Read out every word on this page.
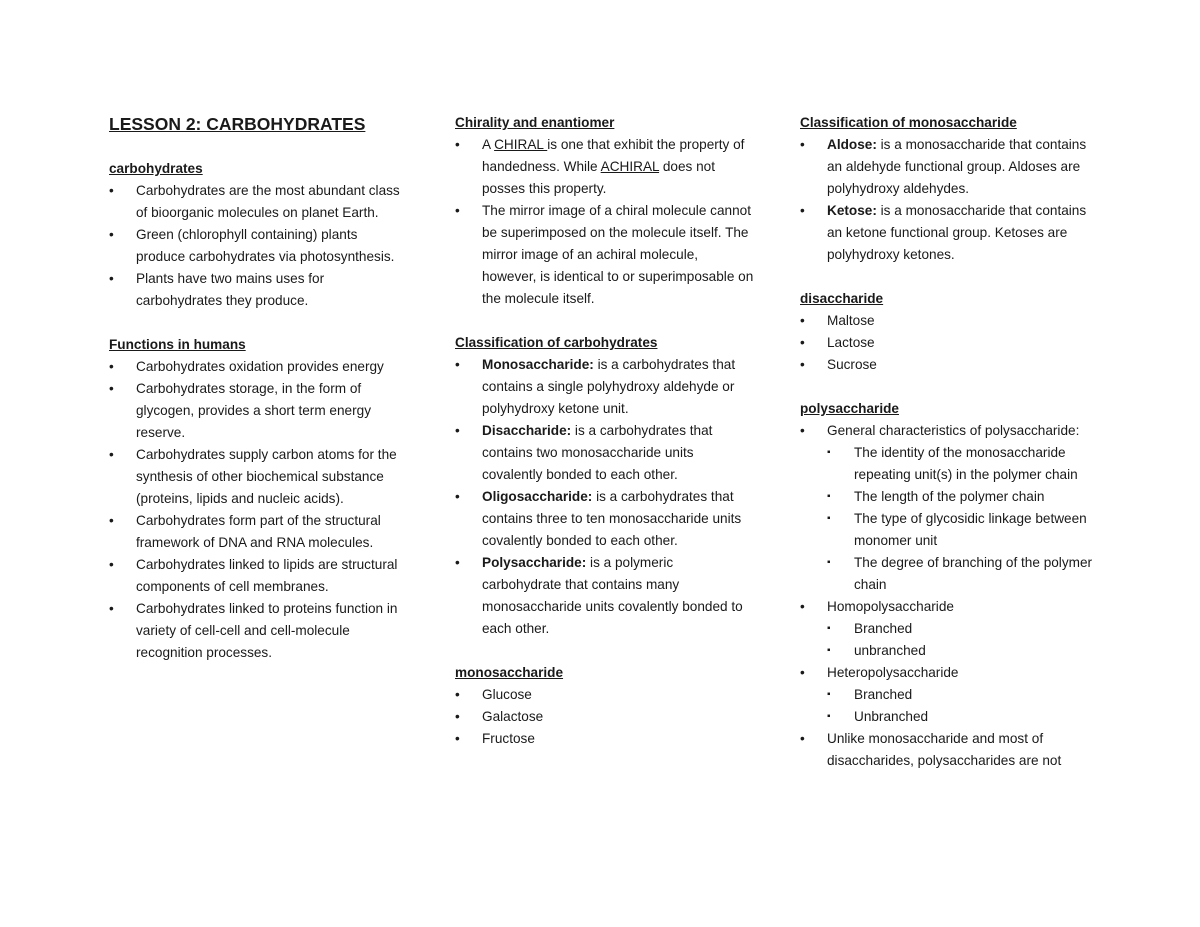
LESSON 2: CARBOHYDRATES
carbohydrates
• Carbohydrates are the most abundant class of bioorganic molecules on planet Earth.
• Green (chlorophyll containing) plants produce carbohydrates via photosynthesis.
• Plants have two mains uses for carbohydrates they produce.
Functions in humans
• Carbohydrates oxidation provides energy
• Carbohydrates storage, in the form of glycogen, provides a short term energy reserve.
• Carbohydrates supply carbon atoms for the synthesis of other biochemical substance (proteins, lipids and nucleic acids).
• Carbohydrates form part of the structural framework of DNA and RNA molecules.
• Carbohydrates linked to lipids are structural components of cell membranes.
• Carbohydrates linked to proteins function in variety of cell-cell and cell-molecule recognition processes.
Chirality and enantiomer
• A CHIRAL is one that exhibit the property of handedness. While ACHIRAL does not posses this property.
• The mirror image of a chiral molecule cannot be superimposed on the molecule itself. The mirror image of an achiral molecule, however, is identical to or superimposable on the molecule itself.
Classification of carbohydrates
• Monosaccharide: is a carbohydrates that contains a single polyhydroxy aldehyde or polyhydroxy ketone unit.
• Disaccharide: is a carbohydrates that contains two monosaccharide units covalently bonded to each other.
• Oligosaccharide: is a carbohydrates that contains three to ten monosaccharide units covalently bonded to each other.
• Polysaccharide: is a polymeric carbohydrate that contains many monosaccharide units covalently bonded to each other.
monosaccharide
• Glucose
• Galactose
• Fructose
Classification of monosaccharide
• Aldose: is a monosaccharide that contains an aldehyde functional group. Aldoses are polyhydroxy aldehydes.
• Ketose: is a monosaccharide that contains an ketone functional group. Ketoses are polyhydroxy ketones.
disaccharide
• Maltose
• Lactose
• Sucrose
polysaccharide
• General characteristics of polysaccharide:
▪ The identity of the monosaccharide repeating unit(s) in the polymer chain
▪ The length of the polymer chain
▪ The type of glycosidic linkage between monomer unit
▪ The degree of branching of the polymer chain
• Homopolysaccharide
▪ Branched
▪ unbranched
• Heteropolysaccharide
▪ Branched
▪ Unbranched
• Unlike monosaccharide and most of disaccharides, polysaccharides are not
